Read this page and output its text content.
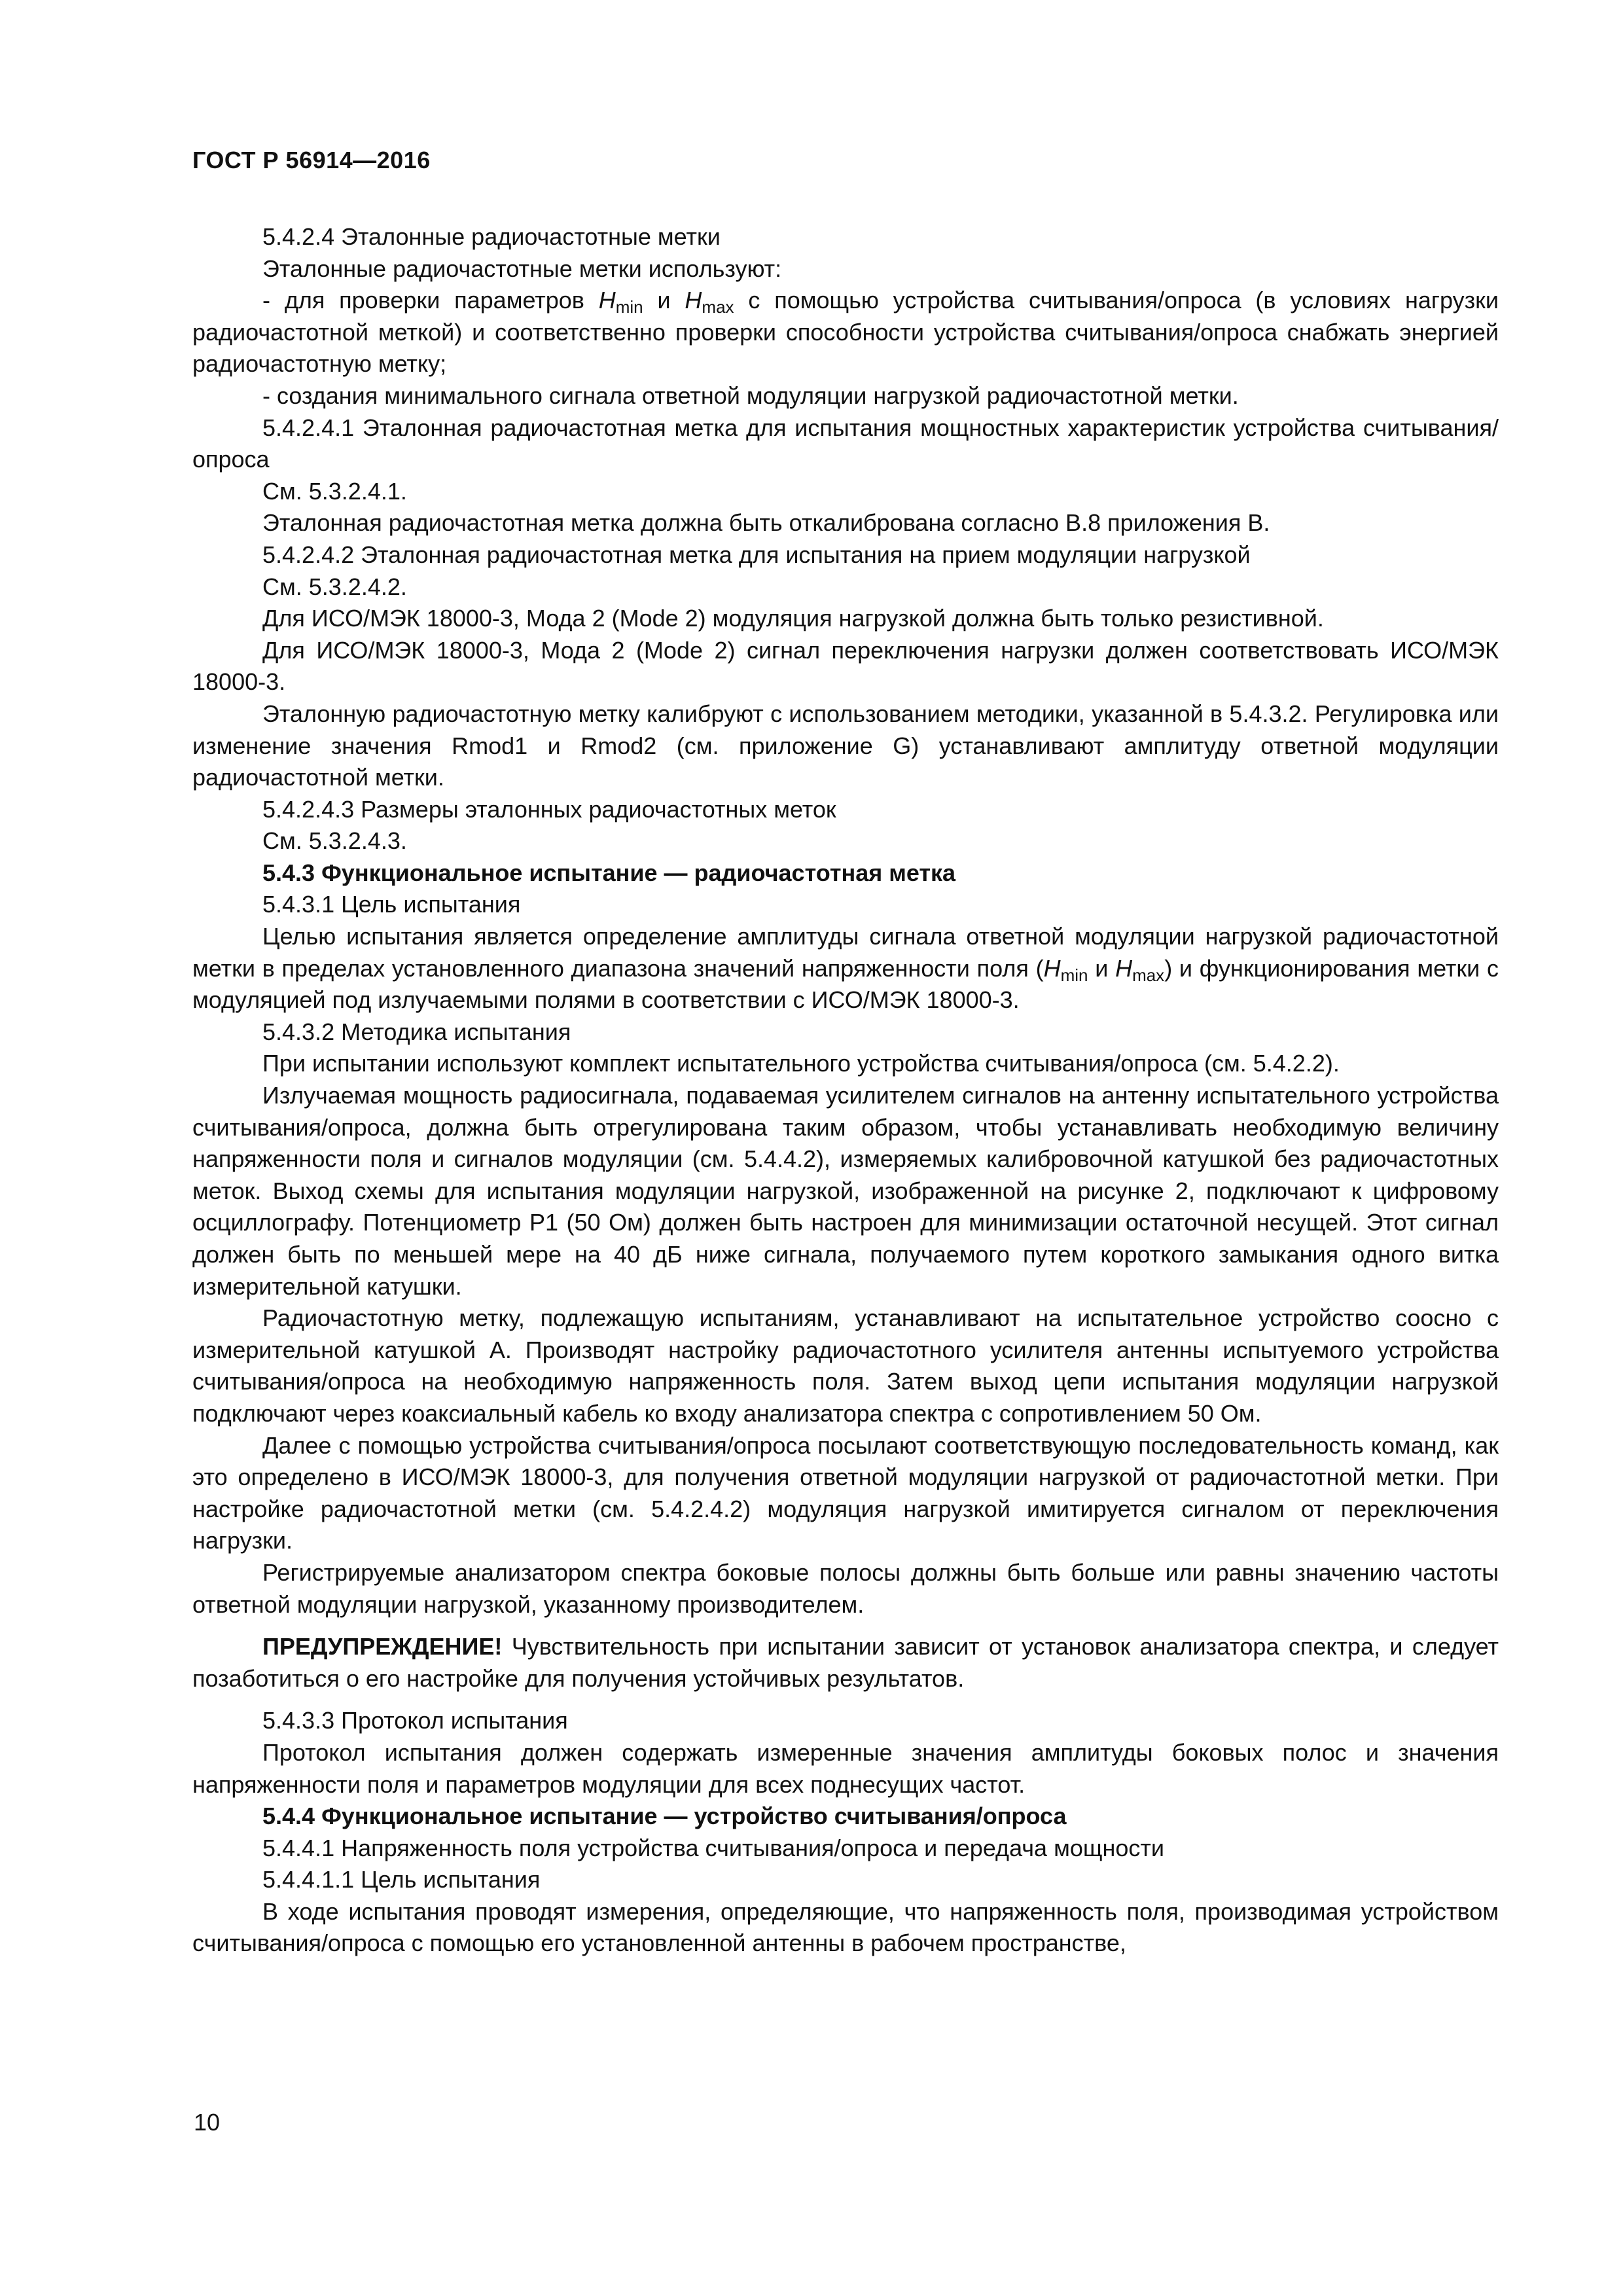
ГОСТ Р 56914—2016

5.4.2.4 Эталонные радиочастотные метки

Эталонные радиочастотные метки используют:

- для проверки параметров $H_{min}$ и $H_{max}$ с помощью устройства считывания/опроса (в условиях нагрузки радиочастотной меткой) и соответственно проверки способности устройства считывания/опроса снабжать энергией радиочастотную метку;

- создания минимального сигнала ответной модуляции нагрузкой радиочастотной метки.

5.4.2.4.1 Эталонная радиочастотная метка для испытания мощностных характеристик устройства считывания/опроса

См. 5.3.2.4.1.

Эталонная радиочастотная метка должна быть откалибрована согласно В.8 приложения В.

5.4.2.4.2 Эталонная радиочастотная метка для испытания на прием модуляции нагрузкой

См. 5.3.2.4.2.

Для ИСО/МЭК 18000-3, Мода 2 (Mode 2) модуляция нагрузкой должна быть только резистивной.

Для ИСО/МЭК 18000-3, Мода 2 (Mode 2) сигнал переключения нагрузки должен соответствовать ИСО/МЭК 18000-3.

Эталонную радиочастотную метку калибруют с использованием методики, указанной в 5.4.3.2. Регулировка или изменение значения Rmod1 и Rmod2 (см. приложение G) устанавливают амплитуду ответной модуляции радиочастотной метки.

5.4.2.4.3 Размеры эталонных радиочастотных меток

См. 5.3.2.4.3.

5.4.3 Функциональное испытание — радиочастотная метка

5.4.3.1 Цель испытания

Целью испытания является определение амплитуды сигнала ответной модуляции нагрузкой радиочастотной метки в пределах установленного диапазона значений напряженности поля ($H_{min}$ и $H_{max}$) и функционирования метки с модуляцией под излучаемыми полями в соответствии с ИСО/МЭК 18000-3.

5.4.3.2 Методика испытания

При испытании используют комплект испытательного устройства считывания/опроса (см. 5.4.2.2).

Излучаемая мощность радиосигнала, подаваемая усилителем сигналов на антенну испытательного устройства считывания/опроса, должна быть отрегулирована таким образом, чтобы устанавливать необходимую величину напряженности поля и сигналов модуляции (см. 5.4.4.2), измеряемых калибровочной катушкой без радиочастотных меток. Выход схемы для испытания модуляции нагрузкой, изображенной на рисунке 2, подключают к цифровому осциллографу. Потенциометр Р1 (50 Ом) должен быть настроен для минимизации остаточной несущей. Этот сигнал должен быть по меньшей мере на 40 дБ ниже сигнала, получаемого путем короткого замыкания одного витка измерительной катушки.

Радиочастотную метку, подлежащую испытаниям, устанавливают на испытательное устройство соосно с измерительной катушкой А. Производят настройку радиочастотного усилителя антенны испытуемого устройства считывания/опроса на необходимую напряженность поля. Затем выход цепи испытания модуляции нагрузкой подключают через коаксиальный кабель ко входу анализатора спектра с сопротивлением 50 Ом.

Далее с помощью устройства считывания/опроса посылают соответствующую последовательность команд, как это определено в ИСО/МЭК 18000-3, для получения ответной модуляции нагрузкой от радиочастотной метки. При настройке радиочастотной метки (см. 5.4.2.4.2) модуляция нагрузкой имитируется сигналом от переключения нагрузки.

Регистрируемые анализатором спектра боковые полосы должны быть больше или равны значению частоты ответной модуляции нагрузкой, указанному производителем.

ПРЕДУПРЕЖДЕНИЕ! Чувствительность при испытании зависит от установок анализатора спектра, и следует позаботиться о его настройке для получения устойчивых результатов.

5.4.3.3 Протокол испытания

Протокол испытания должен содержать измеренные значения амплитуды боковых полос и значения напряженности поля и параметров модуляции для всех поднесущих частот.

5.4.4 Функциональное испытание — устройство считывания/опроса

5.4.4.1 Напряженность поля устройства считывания/опроса и передача мощности

5.4.4.1.1 Цель испытания

В ходе испытания проводят измерения, определяющие, что напряженность поля, производимая устройством считывания/опроса с помощью его установленной антенны в рабочем пространстве,

10
